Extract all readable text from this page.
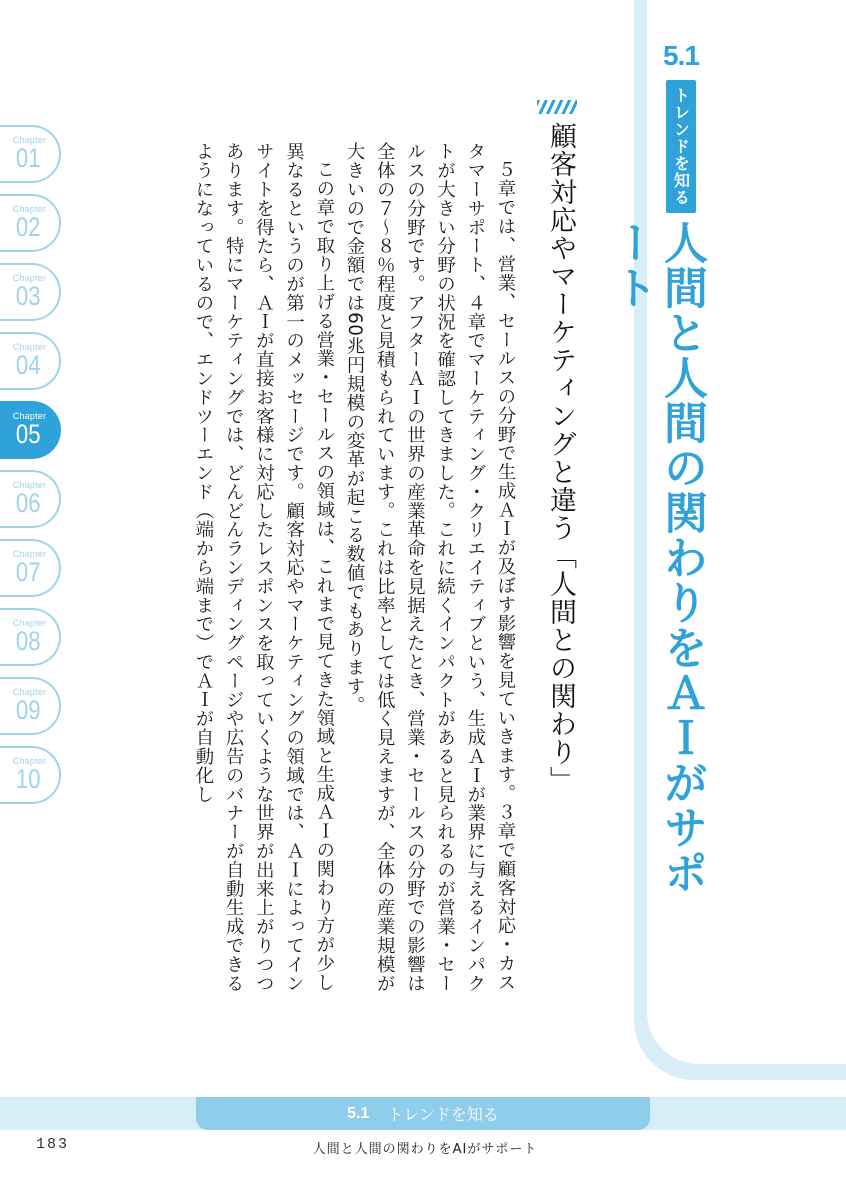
Chapter
01
Chapter
02
Chapter
03
Chapter
04
Chapter
05
Chapter
06
Chapter
07
Chapter
08
Chapter
09
Chapter
10
5.1
トレンドを知る
人間と人間の関わりをＡＩがサポート
顧客対応やマーケティングと違う「人間との関わり」

５章では、営業、セールスの分野で生成ＡＩが及ぼす影響を見ていきます。３章で顧客対応・カスタマーサポート、４章でマーケティング・クリエイティブという、生成ＡＩが業界に与えるインパクトが大きい分野の状況を確認してきました。これに続くインパクトがあると見られるのが営業・セールスの分野です。アフターＡＩの世界の産業革命を見据えたとき、営業・セールスの分野での影響は全体の７〜８％程度と見積もられています。これは比率としては低く見えますが、全体の産業規模が大きいので金額では60兆円規模の変革が起こる数値でもあります。

この章で取り上げる営業・セールスの領域は、これまで見てきた領域と生成ＡＩの関わり方が少し異なるというのが第一のメッセージです。顧客対応やマーケティングの領域では、ＡＩによってインサイトを得たら、ＡＩが直接お客様に対応したレスポンスを取っていくような世界が出来上がりつつあります。特にマーケティングでは、どんどんランディングページや広告のバナーが自動生成できるようになっているので、エンドツーエンド（端から端まで）でＡＩが自動化し

5.1 トレンドを知る
183	人間と人間の関わりをAIがサポート
